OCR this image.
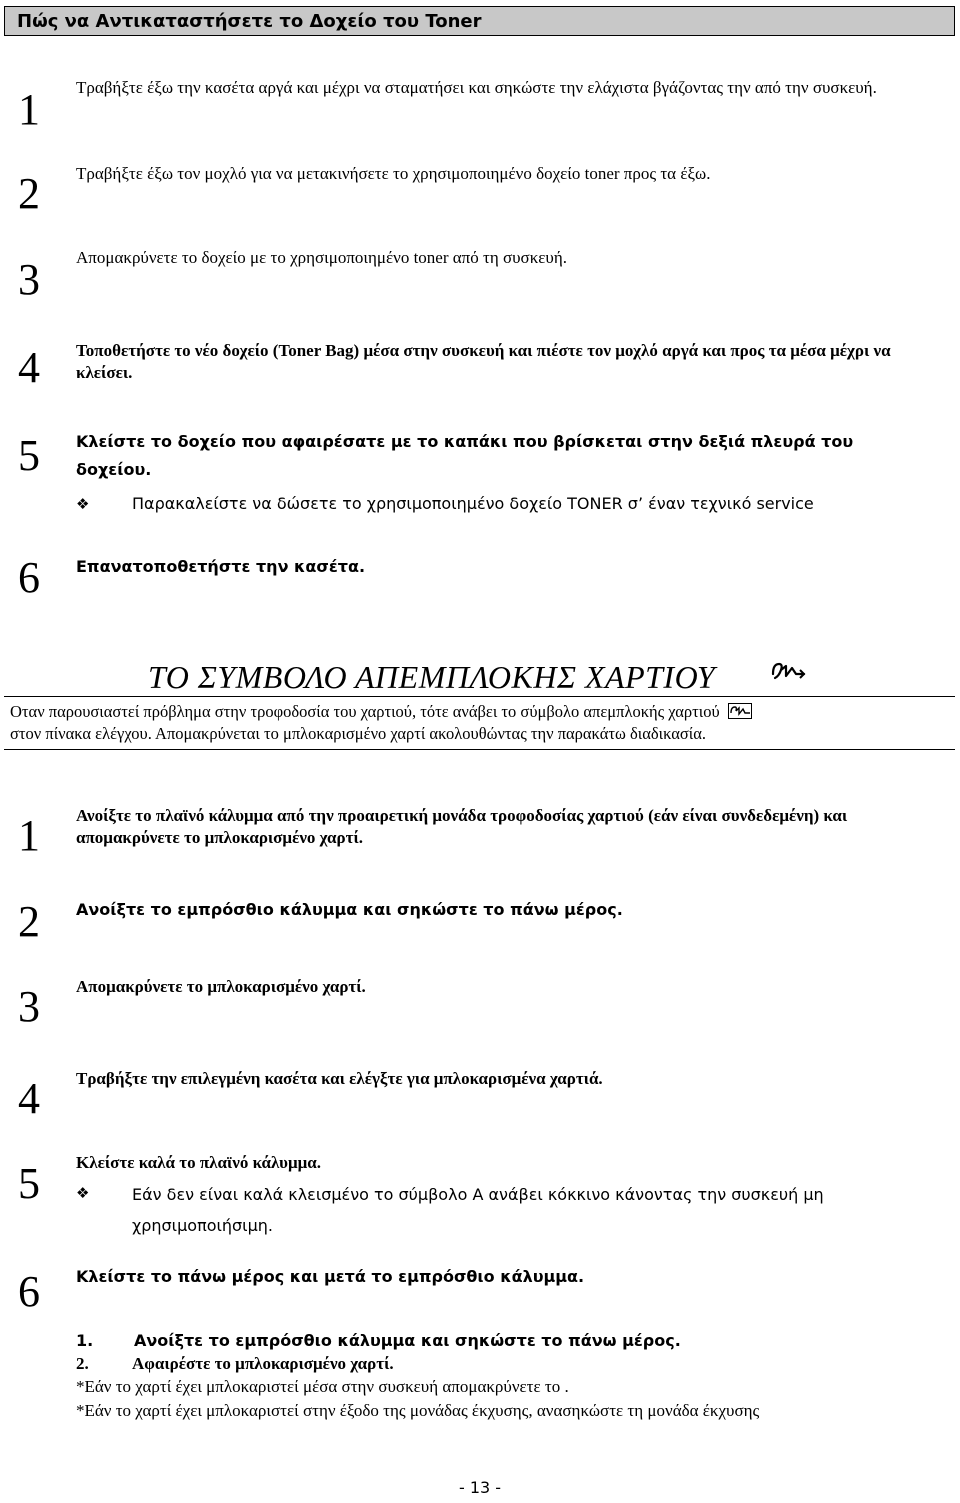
Πώς να Αντικαταστήσετε το Δοχείο του Toner
1	Τραβήξτε έξω την κασέτα αργά και μέχρι να σταματήσει και σηκώστε την ελάχιστα βγάζοντας την από την συσκευή.
2	Τραβήξτε έξω τον μοχλό για να μετακινήσετε το χρησιμοποιημένο δοχείο toner προς τα έξω.
3	Απομακρύνετε το δοχείο με το χρησιμοποιημένο toner από τη συσκευή.
4	Τοποθετήστε το νέο δοχείο (Toner Bag) μέσα στην συσκευή και πιέστε τον μοχλό αργά και προς τα μέσα μέχρι να κλείσει.
5	Κλείστε το δοχείο που αφαιρέσατε με το καπάκι που βρίσκεται στην δεξιά πλευρά του δοχείου.
❖	Παρακαλείστε να δώσετε το χρησιμοποιημένο δοχείο TONER σ’ έναν τεχνικό service
6	Επανατοποθετήστε την κασέτα.
ΤΟ ΣΥΜΒΟΛΟ ΑΠΕΜΠΛΟΚΗΣ ΧΑΡΤΙΟΥ
Οταν παρουσιαστεί πρόβλημα στην τροφοδοσία του χαρτιού, τότε ανάβει το σύμβολο απεμπλοκής χαρτιού

στον πίνακα ελέγχου. Απομακρύνεται το μπλοκαρισμένο χαρτί ακολουθώντας την παρακάτω διαδικασία.
1	Ανοίξτε το πλαϊνό κάλυμμα από την προαιρετική μονάδα τροφοδοσίας χαρτιού (εάν είναι συνδεδεμένη) και απομακρύνετε το μπλοκαρισμένο χαρτί.
2	Ανοίξτε το εμπρόσθιο κάλυμμα και σηκώστε το πάνω μέρος.
3	Απομακρύνετε το μπλοκαρισμένο χαρτί.
4	Τραβήξτε την επιλεγμένη κασέτα και ελέγξτε για μπλοκαρισμένα χαρτιά.
5	Κλείστε καλά το πλαϊνό κάλυμμα.
❖	Εάν δεν είναι καλά κλεισμένο το σύμβολο A ανάβει κόκκινο κάνοντας την συσκευή μη χρησιμοποιήσιμη.
6	Κλείστε το πάνω μέρος και μετά το εμπρόσθιο κάλυμμα.
1.	Ανοίξτε το εμπρόσθιο κάλυμμα και σηκώστε το πάνω μέρος.
2.	Αφαιρέστε το μπλοκαρισμένο χαρτί.
*Εάν το χαρτί έχει μπλοκαριστεί μέσα στην συσκευή απομακρύνετε το .
*Εάν το χαρτί έχει μπλοκαριστεί στην έξοδο της μονάδας έκχυσης, ανασηκώστε τη μονάδα έκχυσης
- 13 -
